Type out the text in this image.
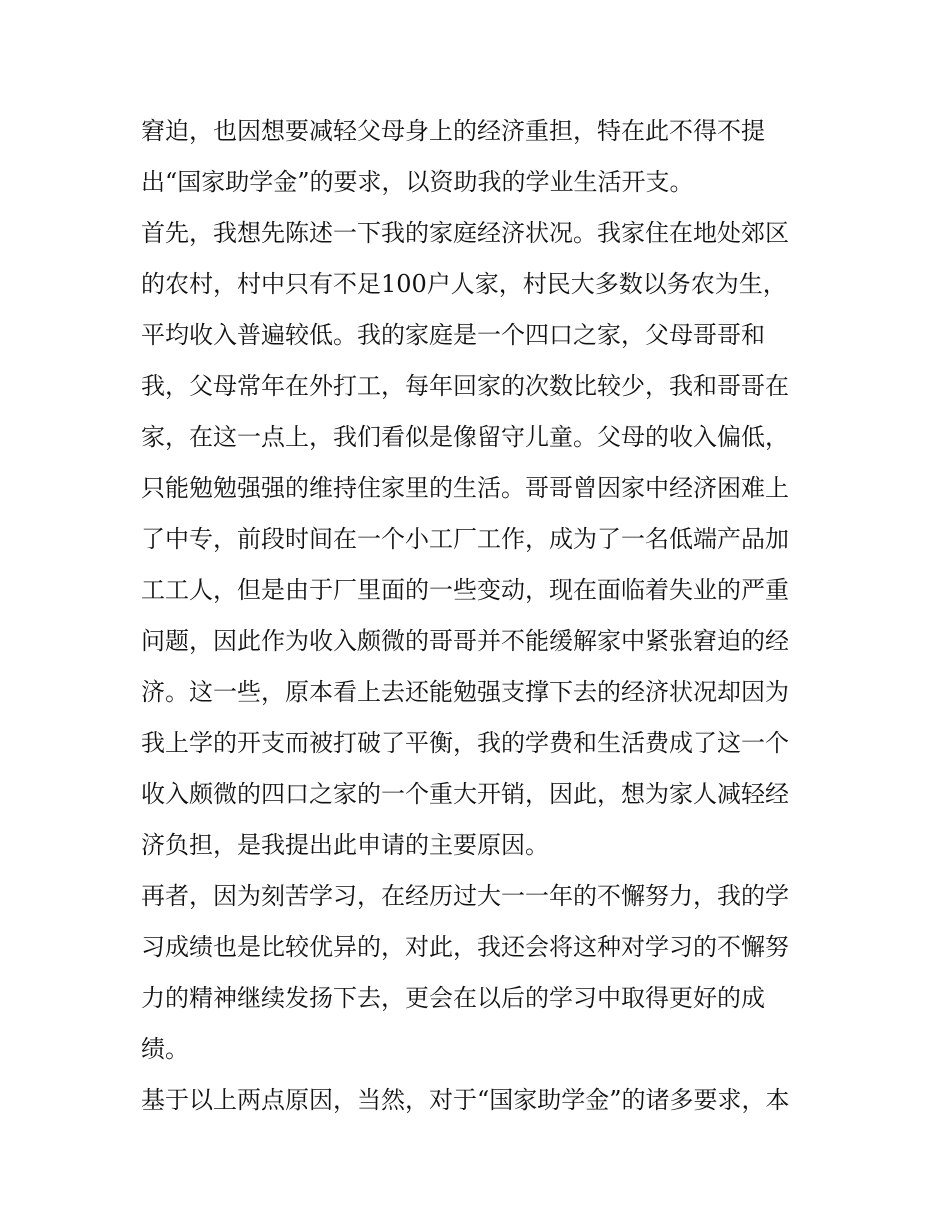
窘迫，也因想要减轻父母身上的经济重担，特在此不得不提
出“国家助学金”的要求，以资助我的学业生活开支。
首先，我想先陈述一下我的家庭经济状况。我家住在地处郊区
的农村，村中只有不足100户人家，村民大多数以务农为生，
平均收入普遍较低。我的家庭是一个四口之家，父母哥哥和
我，父母常年在外打工，每年回家的次数比较少，我和哥哥在
家，在这一点上，我们看似是像留守儿童。父母的收入偏低，
只能勉勉强强的维持住家里的生活。哥哥曾因家中经济困难上
了中专，前段时间在一个小工厂工作，成为了一名低端产品加
工工人，但是由于厂里面的一些变动，现在面临着失业的严重
问题，因此作为收入颇微的哥哥并不能缓解家中紧张窘迫的经
济。这一些，原本看上去还能勉强支撑下去的经济状况却因为
我上学的开支而被打破了平衡，我的学费和生活费成了这一个
收入颇微的四口之家的一个重大开销，因此，想为家人减轻经
济负担，是我提出此申请的主要原因。
再者，因为刻苦学习，在经历过大一一年的不懈努力，我的学
习成绩也是比较优异的，对此，我还会将这种对学习的不懈努
力的精神继续发扬下去，更会在以后的学习中取得更好的成
绩。
基于以上两点原因，当然，对于“国家助学金”的诸多要求，本
